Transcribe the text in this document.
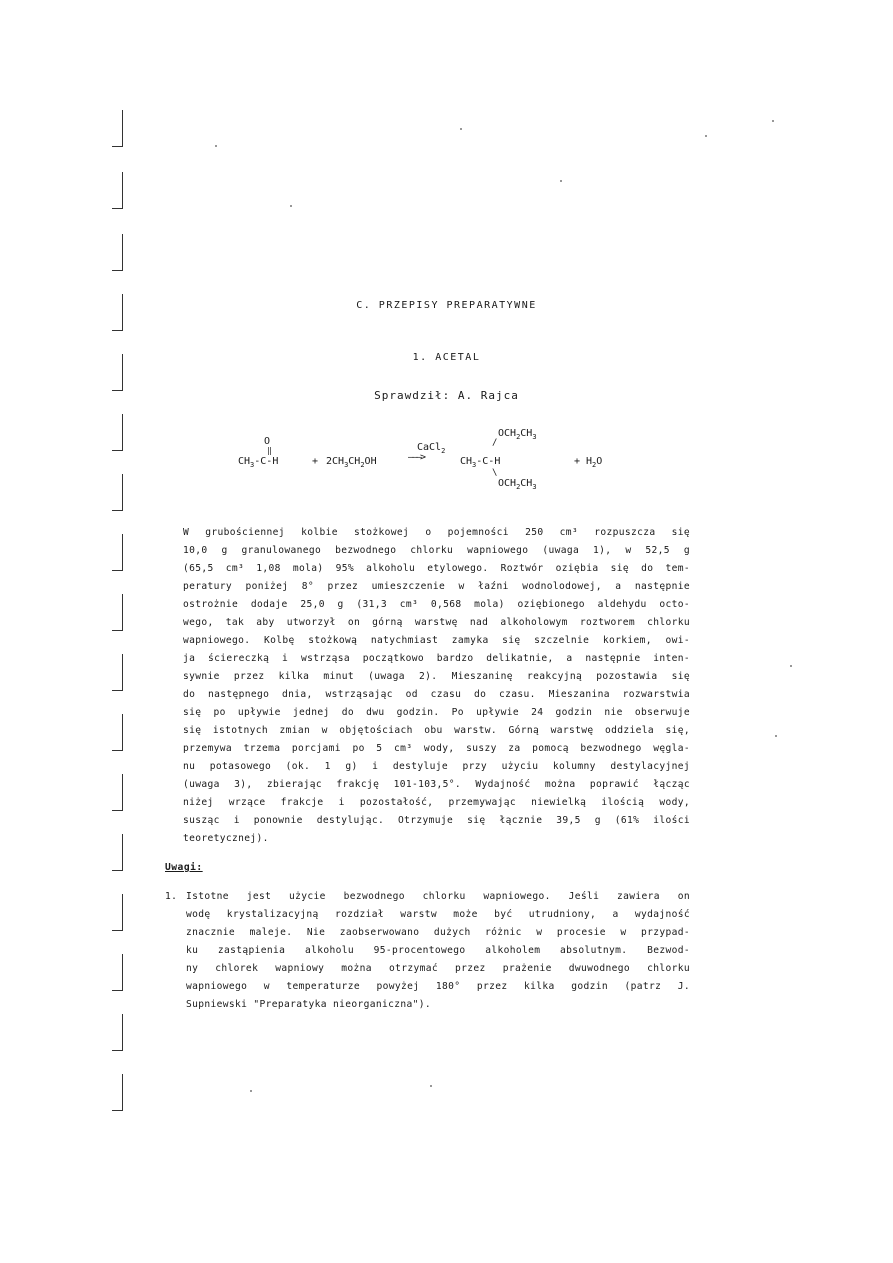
C. PRZEPISY PREPARATYWNE
1. ACETAL
Sprawdził: A. Rajca
O
‖
$CH_3-C-H$	+ $2CH_3CH_2OH$
CaCl$_2$
———>
$OCH_2CH_3$
/
$CH_3-C-H$
\
$OCH_2CH_3$
+ $H_2O$
W grubościennej kolbie stożkowej o pojemności 250 cm³ rozpuszcza się
10,0 g granulowanego bezwodnego chlorku wapniowego (uwaga 1), w 52,5 g
(65,5 cm³ 1,08 mola) 95% alkoholu etylowego. Roztwór oziębia się do tem-
peratury poniżej 8° przez umieszczenie w łaźni wodnolodowej, a następnie
ostrożnie dodaje 25,0 g (31,3 cm³ 0,568 mola) oziębionego aldehydu octo-
wego, tak aby utworzył on górną warstwę nad alkoholowym roztworem chlorku
wapniowego. Kolbę stożkową natychmiast zamyka się szczelnie korkiem, owi-
ja ściereczką i wstrząsa początkowo bardzo delikatnie, a następnie inten-
sywnie przez kilka minut (uwaga 2). Mieszaninę reakcyjną pozostawia się
do następnego dnia, wstrząsając od czasu do czasu. Mieszanina rozwarstwia
się po upływie jednej do dwu godzin. Po upływie 24 godzin nie obserwuje
się istotnych zmian w objętościach obu warstw. Górną warstwę oddziela się,
przemywa trzema porcjami po 5 cm³ wody, suszy za pomocą bezwodnego węgla-
nu potasowego (ok. 1 g) i destyluje przy użyciu kolumny destylacyjnej
(uwaga 3), zbierając frakcję 101-103,5°. Wydajność można poprawić łącząc
niżej wrzące frakcje i pozostałość, przemywając niewielką ilością wody,
susząc i ponownie destylując. Otrzymuje się łącznie 39,5 g (61% ilości
teoretycznej).
Uwagi:
1. Istotne jest użycie bezwodnego chlorku wapniowego. Jeśli zawiera on
wodę krystalizacyjną rozdział warstw może być utrudniony, a wydajność
znacznie maleje. Nie zaobserwowano dużych różnic w procesie w przypad-
ku zastąpienia alkoholu 95-procentowego alkoholem absolutnym. Bezwod-
ny chlorek wapniowy można otrzymać przez prażenie dwuwodnego chlorku
wapniowego w temperaturze powyżej 180° przez kilka godzin (patrz J.
Supniewski "Preparatyka nieorganiczna").
